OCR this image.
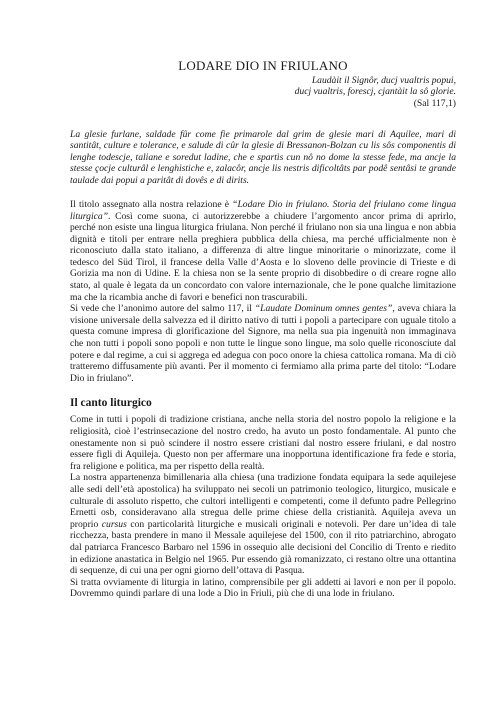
LODARE DIO IN FRIULANO
Laudàit il Signôr, ducj vualtris popui,
ducj vualtris, forescj, cjantàit la sô glorie.
(Sal 117,1)

La glesie furlane, saldade fûr come fie primarole dal grim de glesie mari di Aquilee, mari di santitât, culture e tolerance, e salude di cûr la glesie di Bressanon-Bolzan cu lis sôs componentis di lenghe todescje, taliane e soredut ladine, che e spartìs cun nô no dome la stesse fede, ma ancje la stesse çocje culturâl e lenghistiche e, zalacôr, ancje lis nestris dificoltâts par podê sentâsi te grande taulade dai popui a paritât di dovês e di dirits.

Il titolo assegnato alla nostra relazione è “Lodare Dio in friulano. Storia del friulano come lingua liturgica”. Così come suona, ci autorizzerebbe a chiudere l’argomento ancor prima di aprirlo, perché non esiste una lingua liturgica friulana. Non perché il friulano non sia una lingua e non abbia dignità e titoli per entrare nella preghiera pubblica della chiesa, ma perché ufficialmente non è riconosciuto dalla stato italiano, a differenza di altre lingue minoritarie o minorizzate, come il tedesco del Süd Tirol, il francese della Valle d’Aosta e lo sloveno delle provincie di Trieste e di Gorizia ma non di Udine. E la chiesa non se la sente proprio di disobbedire o di creare rogne allo stato, al quale è legata da un concordato con valore internazionale, che le pone qualche limitazione ma che la ricambia anche di favori e benefici non trascurabili.

Si vede che l’anonimo autore del salmo 117, il “Laudate Dominum omnes gentes”, aveva chiara la visione universale della salvezza ed il diritto nativo di tutti i popoli a partecipare con uguale titolo a questa comune impresa di glorificazione del Signore, ma nella sua pia ingenuità non immaginava che non tutti i popoli sono popoli e non tutte le lingue sono lingue, ma solo quelle riconosciute dal potere e dal regime, a cui si aggrega ed adegua con poco onore la chiesa cattolica romana. Ma di ciò tratteremo diffusamente più avanti. Per il momento ci fermiamo alla prima parte del titolo: “Lodare Dio in friulano”.

Il canto liturgico

Come in tutti i popoli di tradizione cristiana, anche nella storia del nostro popolo la religione e la religiosità, cioè l’estrinsecazione del nostro credo, ha avuto un posto fondamentale. Al punto che onestamente non si può scindere il nostro essere cristiani dal nostro essere friulani, e dal nostro essere figli di Aquileja. Questo non per affermare una inopportuna identificazione fra fede e storia, fra religione e politica, ma per rispetto della realtà.

La nostra appartenenza bimillenaria alla chiesa (una tradizione fondata equipara la sede aquilejese alle sedi dell’età apostolica) ha sviluppato nei secoli un patrimonio teologico, liturgico, musicale e culturale di assoluto rispetto, che cultori intelligenti e competenti, come il defunto padre Pellegrino Ernetti osb, consideravano alla stregua delle prime chiese della cristianità. Aquileja aveva un proprio cursus con particolarità liturgiche e musicali originali e notevoli. Per dare un’idea di tale ricchezza, basta prendere in mano il Messale aquilejese del 1500, con il rito patriarchino, abrogato dal patriarca Francesco Barbaro nel 1596 in ossequio alle decisioni del Concilio di Trento e riedito in edizione anastatica in Belgio nel 1965. Pur essendo già romanizzato, ci restano oltre una ottantina di sequenze, di cui una per ogni giorno dell’ottava di Pasqua.

Si tratta ovviamente di liturgia in latino, comprensibile per gli addetti ai lavori e non per il popolo. Dovremmo quindi parlare di una lode a Dio in Friuli, più che di una lode in friulano.
